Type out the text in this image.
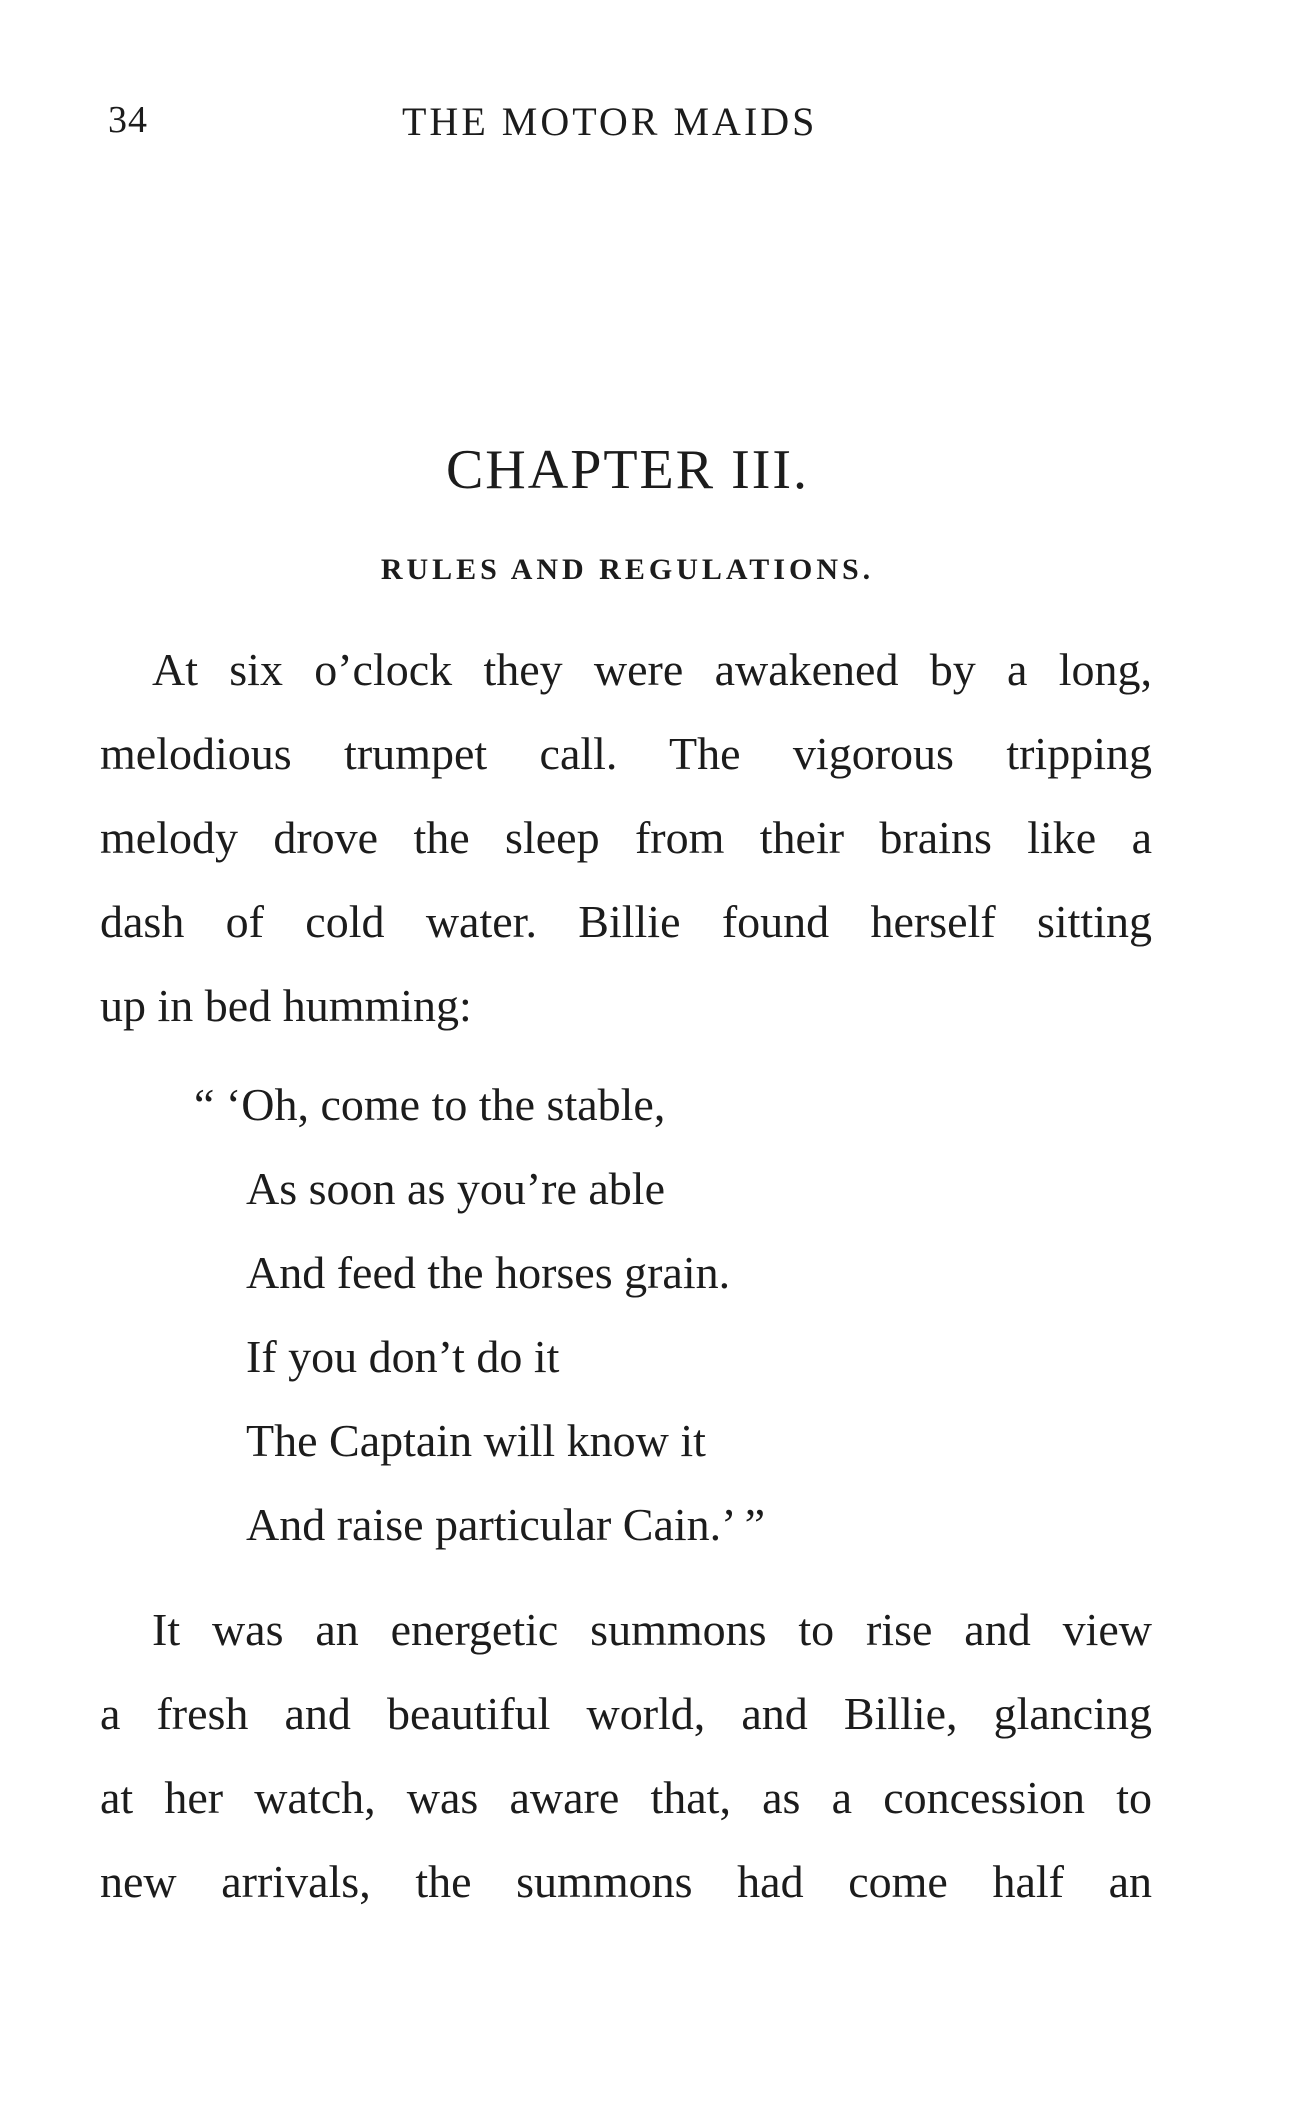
34	THE MOTOR MAIDS
CHAPTER III.
RULES AND REGULATIONS.
At six o’clock they were awakened by a long,
melodious trumpet call. The vigorous tripping
melody drove the sleep from their brains like a
dash of cold water. Billie found herself sitting
up in bed humming:
“ ‘Oh, come to the stable,
As soon as you’re able
And feed the horses grain.
If you don’t do it
The Captain will know it
And raise particular Cain.’ ”
It was an energetic summons to rise and view
a fresh and beautiful world, and Billie, glancing
at her watch, was aware that, as a concession to
new arrivals, the summons had come half an
